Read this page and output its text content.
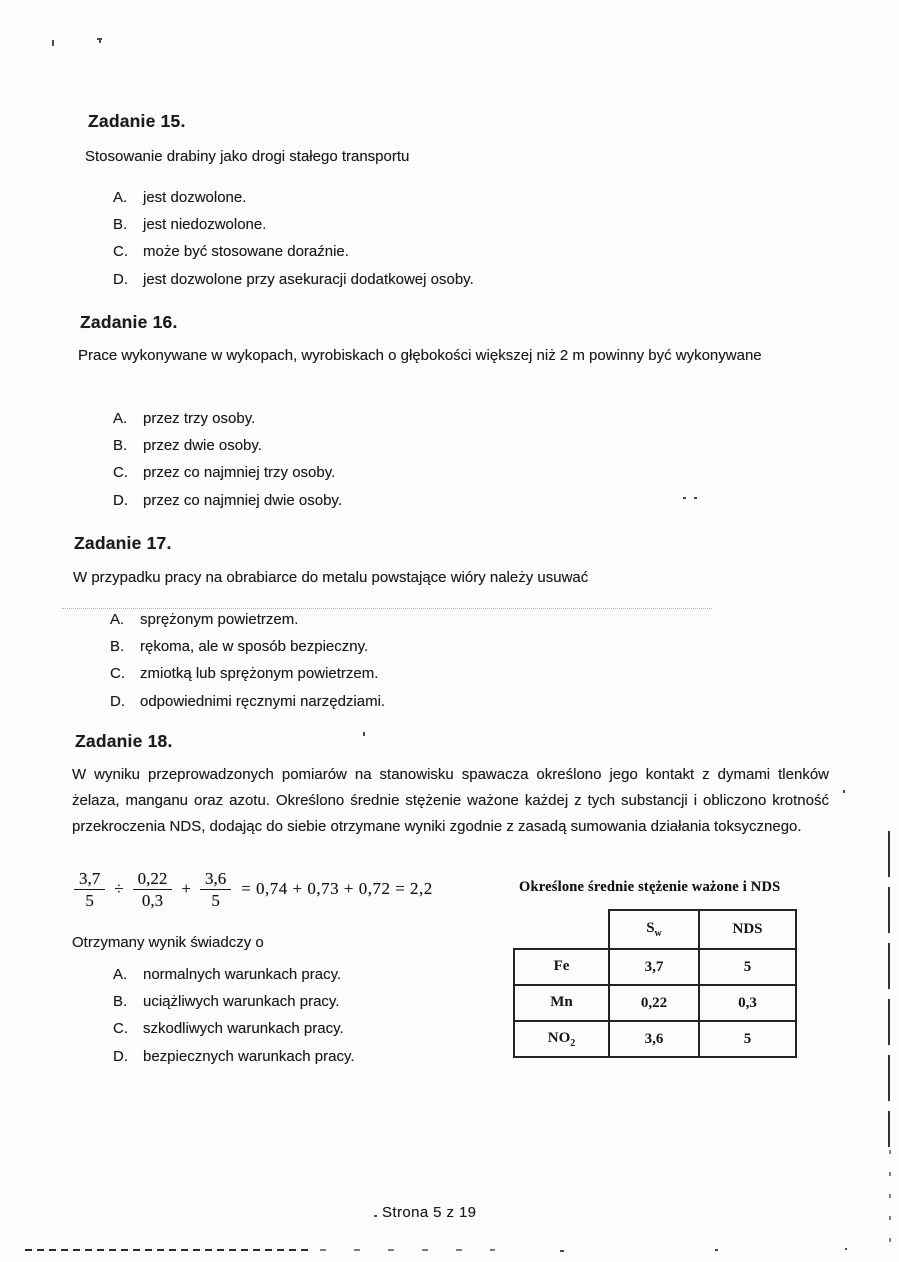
Zadanie 15.
Stosowanie drabiny jako drogi stałego transportu
A.	jest dozwolone.
B.	jest niedozwolone.
C.	może być stosowane doraźnie.
D.	jest dozwolone przy asekuracji dodatkowej osoby.
Zadanie 16.
Prace wykonywane w wykopach, wyrobiskach o głębokości większej niż 2 m powinny być wykonywane
A.	przez trzy osoby.
B.	przez dwie osoby.
C.	przez co najmniej trzy osoby.
D.	przez co najmniej dwie osoby.
Zadanie 17.
W przypadku pracy na obrabiarce do metalu powstające wióry należy usuwać
A.	sprężonym powietrzem.
B.	rękoma, ale w sposób bezpieczny.
C.	zmiotką lub sprężonym powietrzem.
D.	odpowiednimi ręcznymi narzędziami.
Zadanie 18.
W wyniku przeprowadzonych pomiarów na stanowisku spawacza określono jego kontakt z dymami tlenków żelaza, manganu oraz azotu. Określono średnie stężenie ważone każdej z tych substancji i obliczono krotność przekroczenia NDS, dodając do siebie otrzymane wyniki zgodnie z zasadą sumowania działania toksycznego.
$\frac{3,7}{5} \div \frac{0,22}{0,3} + \frac{3,6}{5} = 0,74 + 0,73 + 0,72 = 2,2$	Określone średnie stężenie ważone i NDS
	$S_w$	NDS
Fe	3,7	5
Mn	0,22	0,3
$NO_2$	3,6	5
Otrzymany wynik świadczy o
A.	normalnych warunkach pracy.
B.	uciążliwych warunkach pracy.
C.	szkodliwych warunkach pracy.
D.	bezpiecznych warunkach pracy.
Strona 5 z 19
